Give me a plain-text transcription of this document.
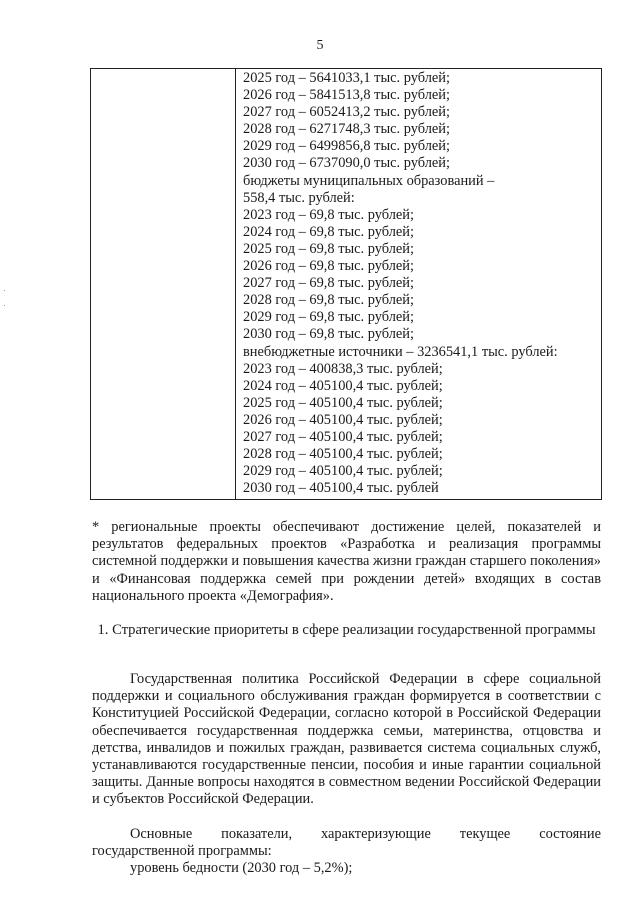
5
2025 год – 5641033,1 тыс. рублей;
2026 год – 5841513,8 тыс. рублей;
2027 год – 6052413,2 тыс. рублей;
2028 год – 6271748,3 тыс. рублей;
2029 год – 6499856,8 тыс. рублей;
2030 год – 6737090,0 тыс. рублей;
бюджеты муниципальных образований –
558,4 тыс. рублей:
2023 год – 69,8 тыс. рублей;
2024 год – 69,8 тыс. рублей;
2025 год – 69,8 тыс. рублей;
2026 год – 69,8 тыс. рублей;
2027 год – 69,8 тыс. рублей;
2028 год – 69,8 тыс. рублей;
2029 год – 69,8 тыс. рублей;
2030 год – 69,8 тыс. рублей;
внебюджетные источники – 3236541,1 тыс. рублей:
2023 год – 400838,3 тыс. рублей;
2024 год – 405100,4 тыс. рублей;
2025 год – 405100,4 тыс. рублей;
2026 год – 405100,4 тыс. рублей;
2027 год – 405100,4 тыс. рублей;
2028 год – 405100,4 тыс. рублей;
2029 год – 405100,4 тыс. рублей;
2030 год – 405100,4 тыс. рублей
* региональные проекты обеспечивают достижение целей, показателей и результатов федеральных проектов «Разработка и реализация программы системной поддержки и повышения качества жизни граждан старшего поколения» и «Финансовая поддержка семей при рождении детей» входящих в состав национального проекта «Демография».
1. Стратегические приоритеты в сфере реализации государственной программы
Государственная политика Российской Федерации в сфере социальной поддержки и социального обслуживания граждан формируется в соответствии с Конституцией Российской Федерации, согласно которой в Российской Федерации обеспечивается государственная поддержка семьи, материнства, отцовства и детства, инвалидов и пожилых граждан, развивается система социальных служб, устанавливаются государственные пенсии, пособия и иные гарантии социальной защиты. Данные вопросы находятся в совместном ведении Российской Федерации и субъектов Российской Федерации.
Основные показатели, характеризующие текущее состояние
государственной программы:
уровень бедности (2030 год – 5,2%);
